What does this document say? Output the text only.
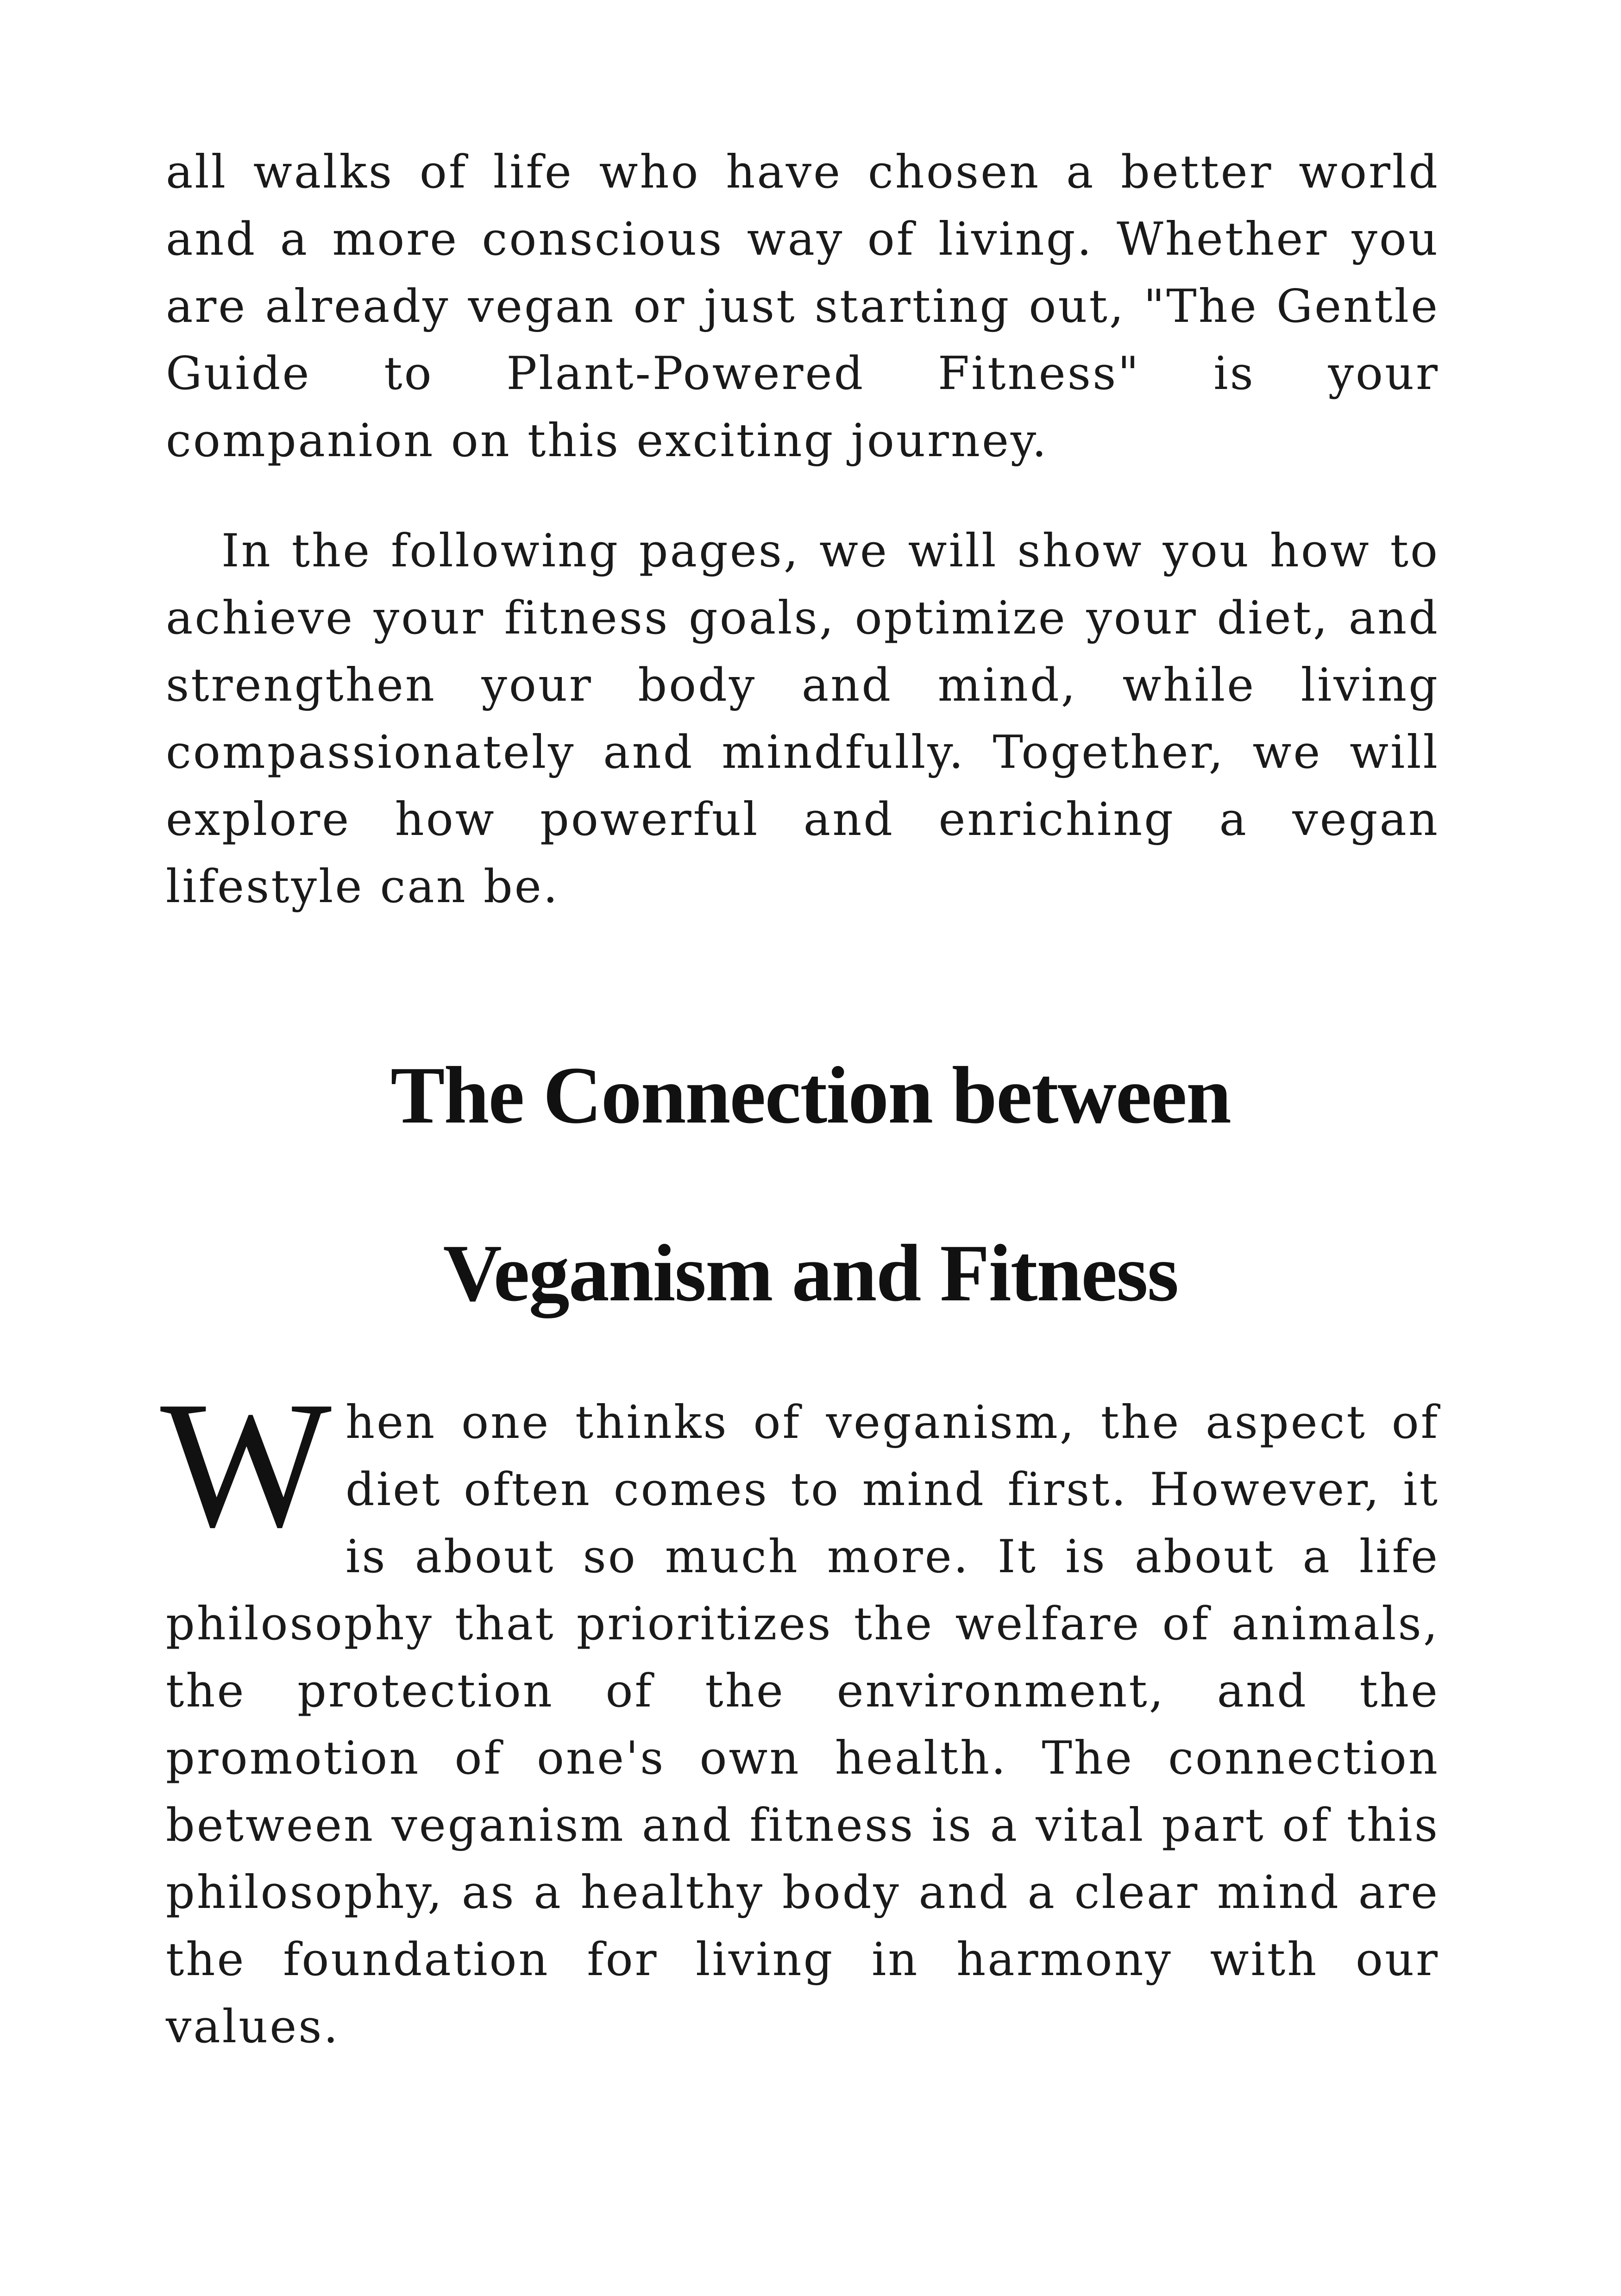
all walks of life who have chosen a better world and a more conscious way of living. Whether you are already vegan or just starting out, "The Gentle Guide to Plant-Powered Fitness" is your companion on this exciting journey.

In the following pages, we will show you how to achieve your fitness goals, optimize your diet, and strengthen your body and mind, while living compassionately and mindfully. Together, we will explore how powerful and enriching a vegan lifestyle can be.

The Connection between
Veganism and Fitness
W hen one thinks of veganism, the aspect of diet often comes to mind first. However, it is about so much more. It is about a life philosophy that prioritizes the welfare of animals, the protection of the environment, and the promotion of one's own health. The connection between veganism and fitness is a vital part of this philosophy, as a healthy body and a clear mind are the foundation for living in harmony with our values.
